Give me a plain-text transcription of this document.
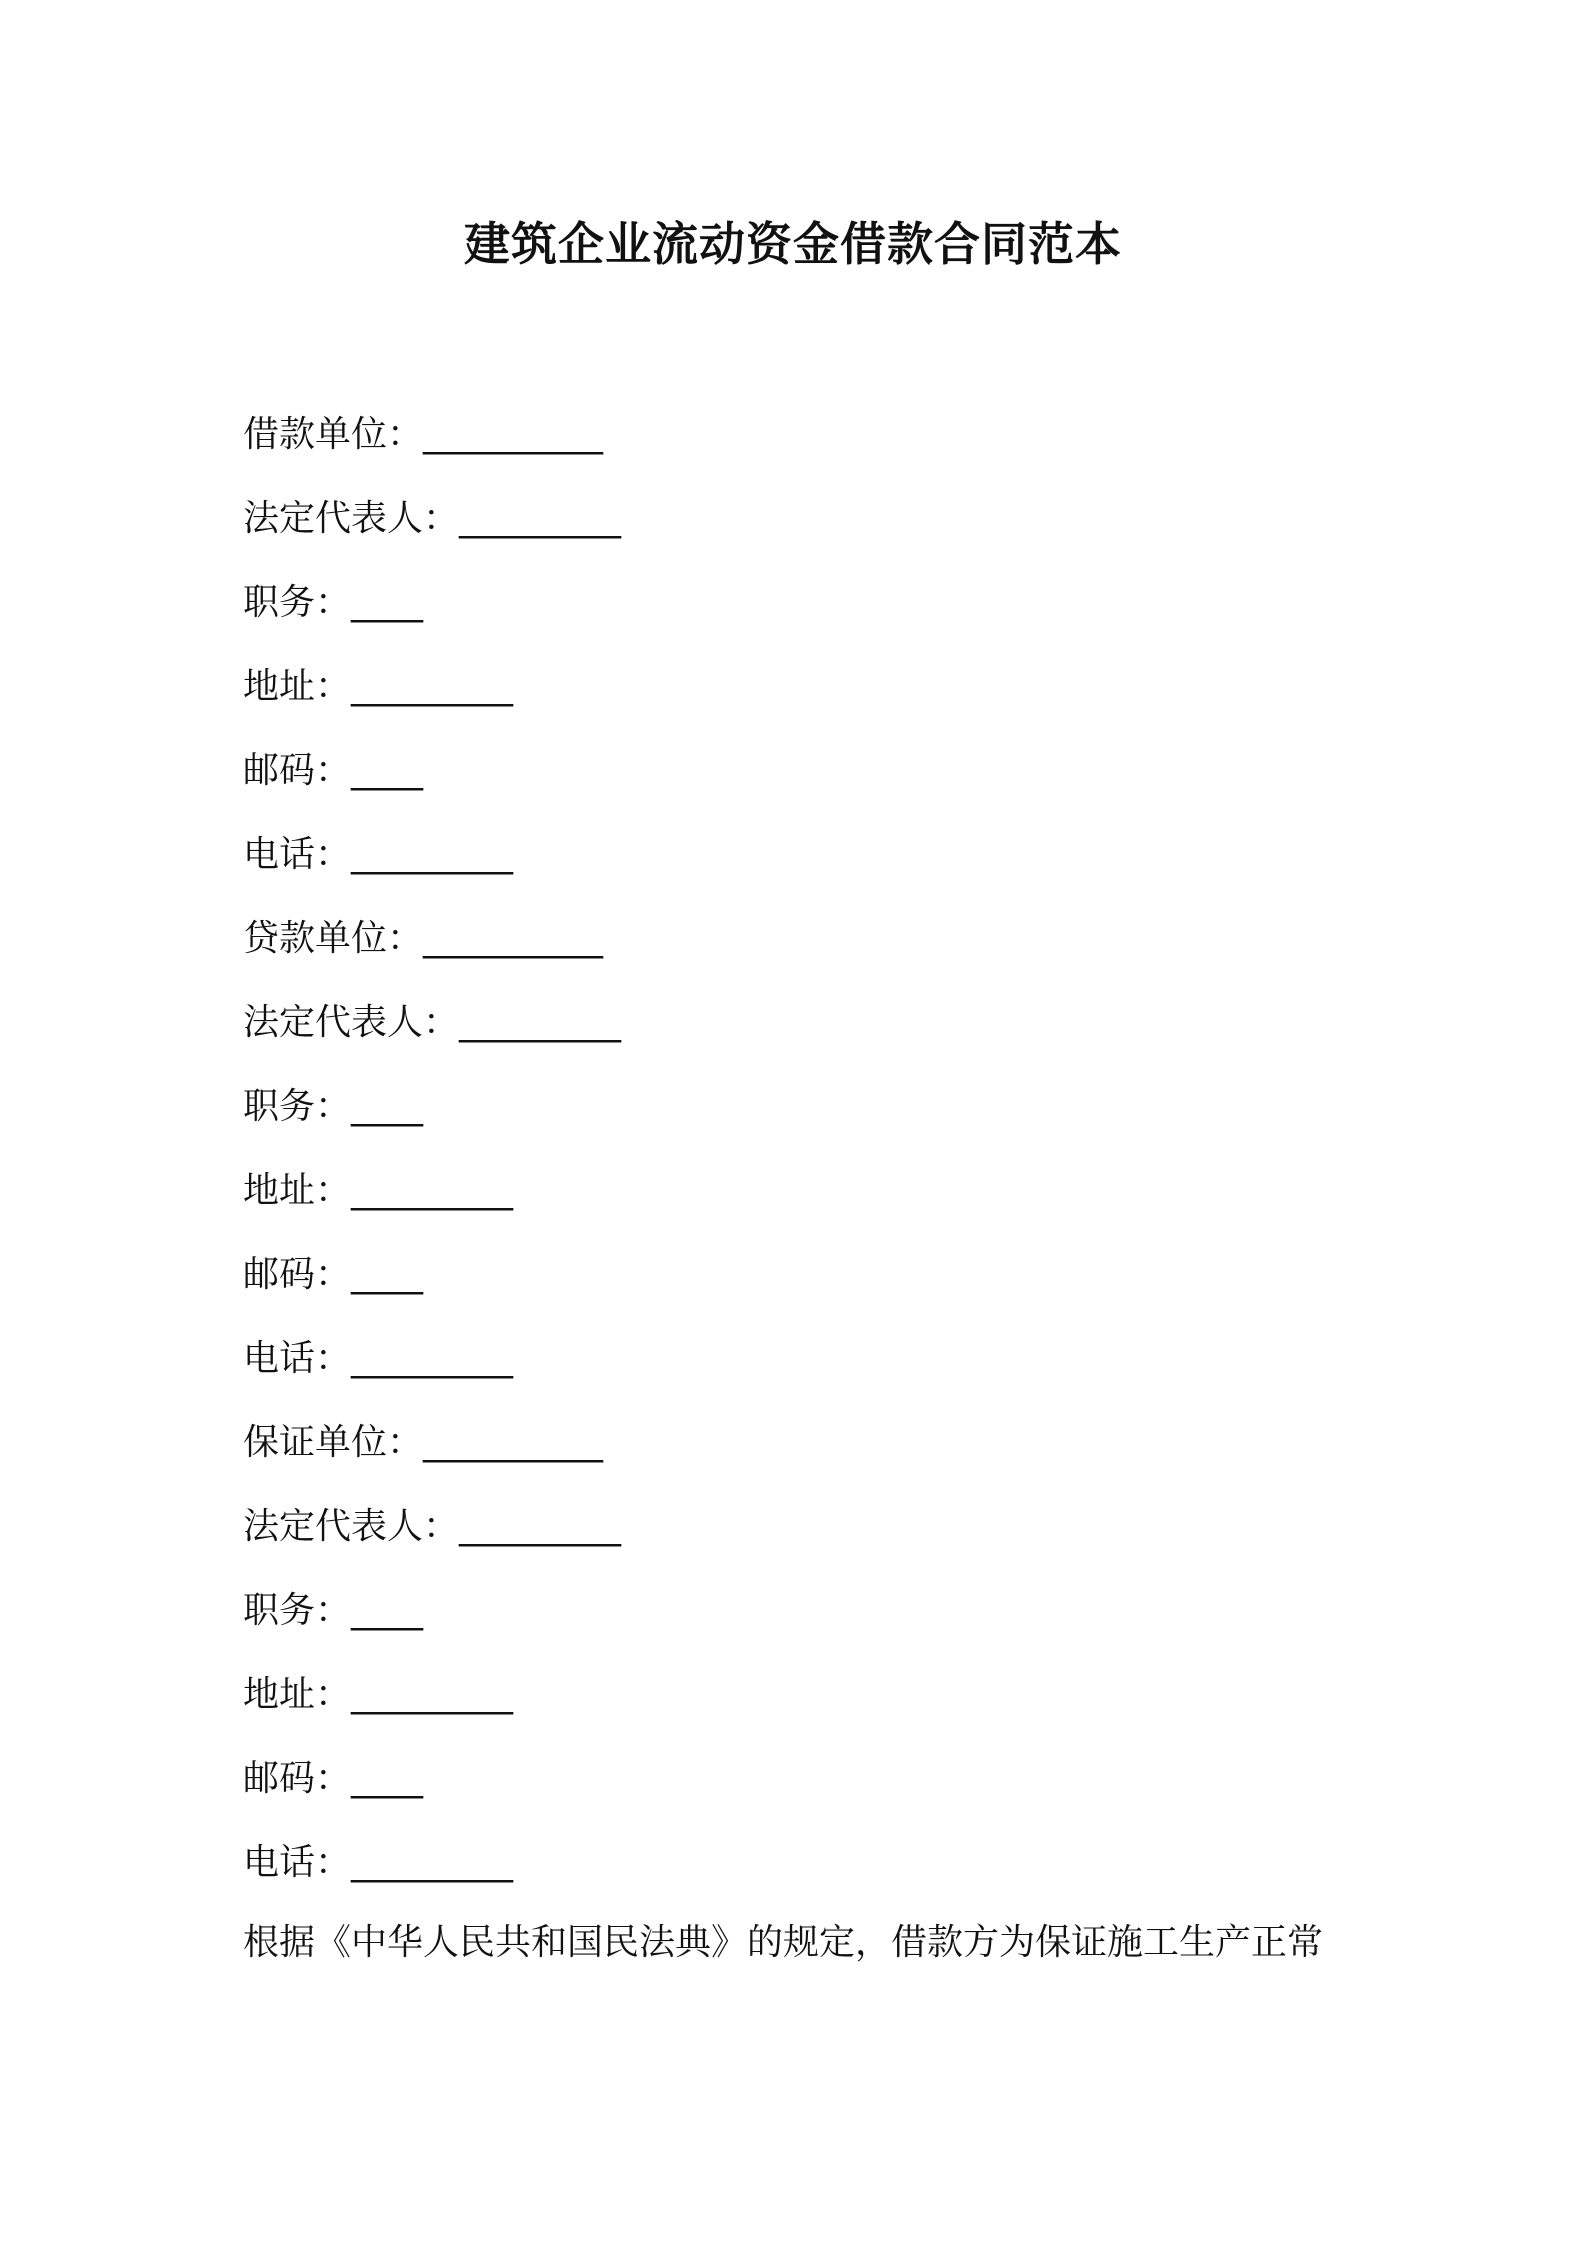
建筑企业流动资金借款合同范本
借款单位：__________
法定代表人：_________
职务：____
地址：_________
邮码：____
电话：_________
贷款单位：__________
法定代表人：_________
职务：____
地址：_________
邮码：____
电话：_________
保证单位：__________
法定代表人：_________
职务：____
地址：_________
邮码：____
电话：_________
根据《中华人民共和国民法典》的规定，借款方为保证施工生产正常
